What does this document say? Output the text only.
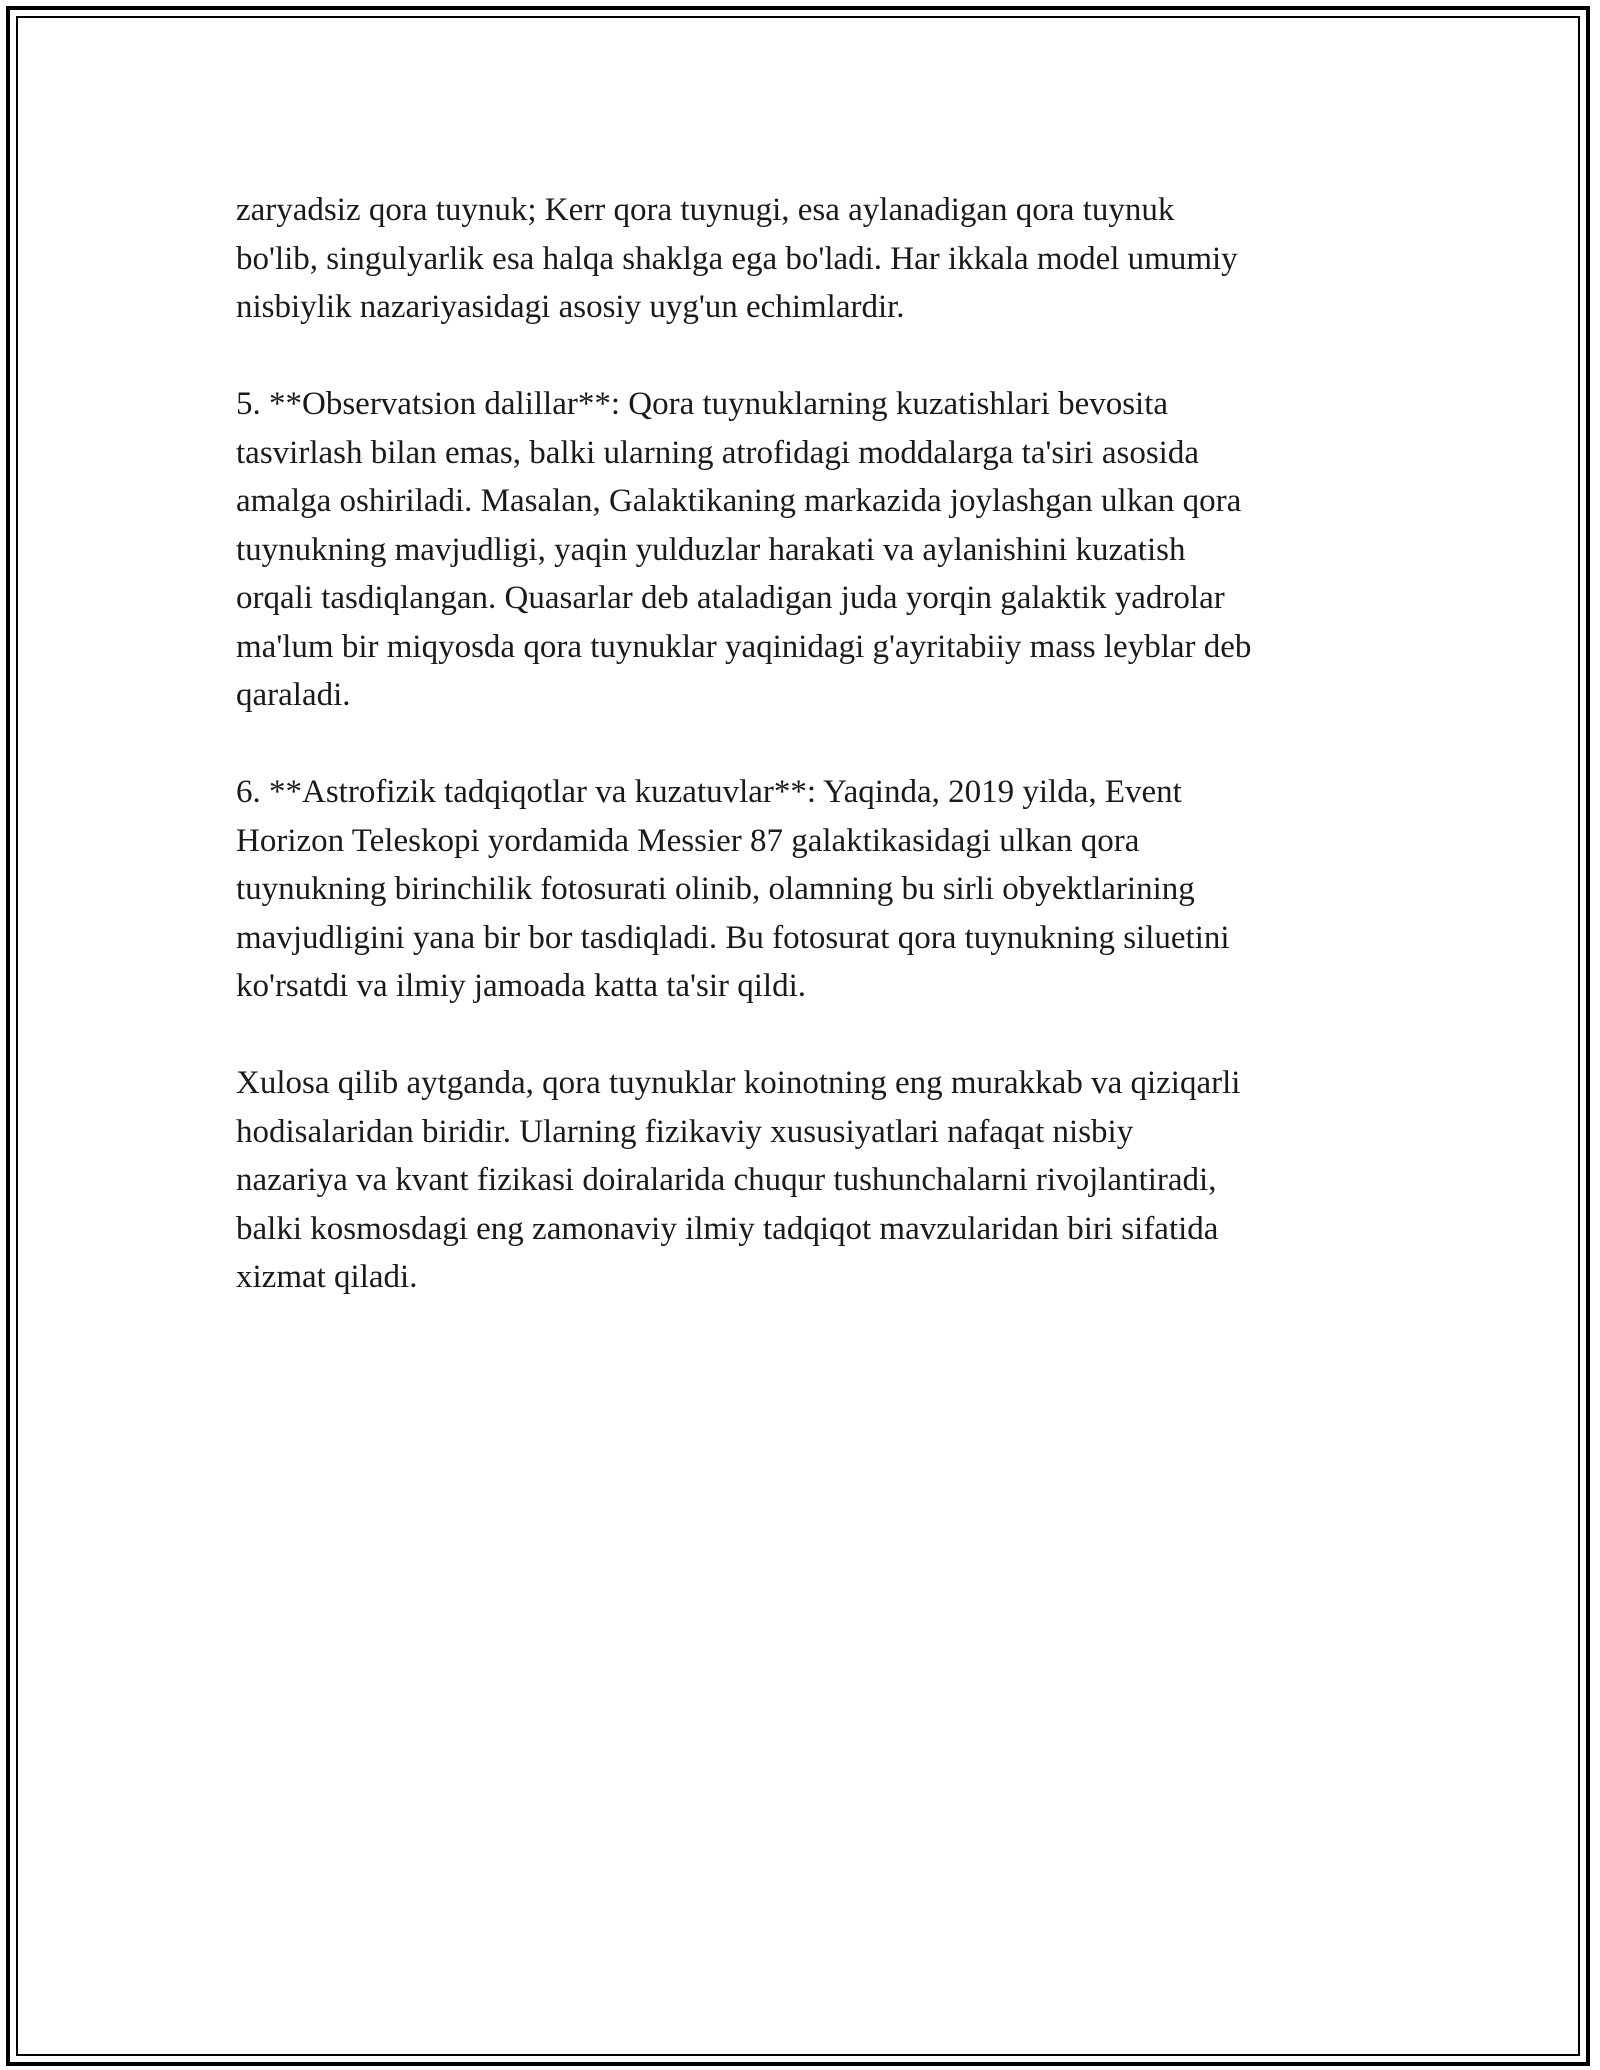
zaryadsiz qora tuynuk; Kerr qora tuynugi, esa aylanadigan qora tuynuk
bo'lib, singulyarlik esa halqa shaklga ega bo'ladi. Har ikkala model umumiy
nisbiylik nazariyasidagi asosiy uyg'un echimlardir.

5. **Observatsion dalillar**: Qora tuynuklarning kuzatishlari bevosita
tasvirlash bilan emas, balki ularning atrofidagi moddalarga ta'siri asosida
amalga oshiriladi. Masalan, Galaktikaning markazida joylashgan ulkan qora
tuynukning mavjudligi, yaqin yulduzlar harakati va aylanishini kuzatish
orqali tasdiqlangan. Quasarlar deb ataladigan juda yorqin galaktik yadrolar
ma'lum bir miqyosda qora tuynuklar yaqinidagi g'ayritabiiy mass leyblar deb
qaraladi.

6. **Astrofizik tadqiqotlar va kuzatuvlar**: Yaqinda, 2019 yilda, Event
Horizon Teleskopi yordamida Messier 87 galaktikasidagi ulkan qora
tuynukning birinchilik fotosurati olinib, olamning bu sirli obyektlarining
mavjudligini yana bir bor tasdiqladi. Bu fotosurat qora tuynukning siluetini
ko'rsatdi va ilmiy jamoada katta ta'sir qildi.

Xulosa qilib aytganda, qora tuynuklar koinotning eng murakkab va qiziqarli
hodisalaridan biridir. Ularning fizikaviy xususiyatlari nafaqat nisbiy
nazariya va kvant fizikasi doiralarida chuqur tushunchalarni rivojlantiradi,
balki kosmosdagi eng zamonaviy ilmiy tadqiqot mavzularidan biri sifatida
xizmat qiladi.
